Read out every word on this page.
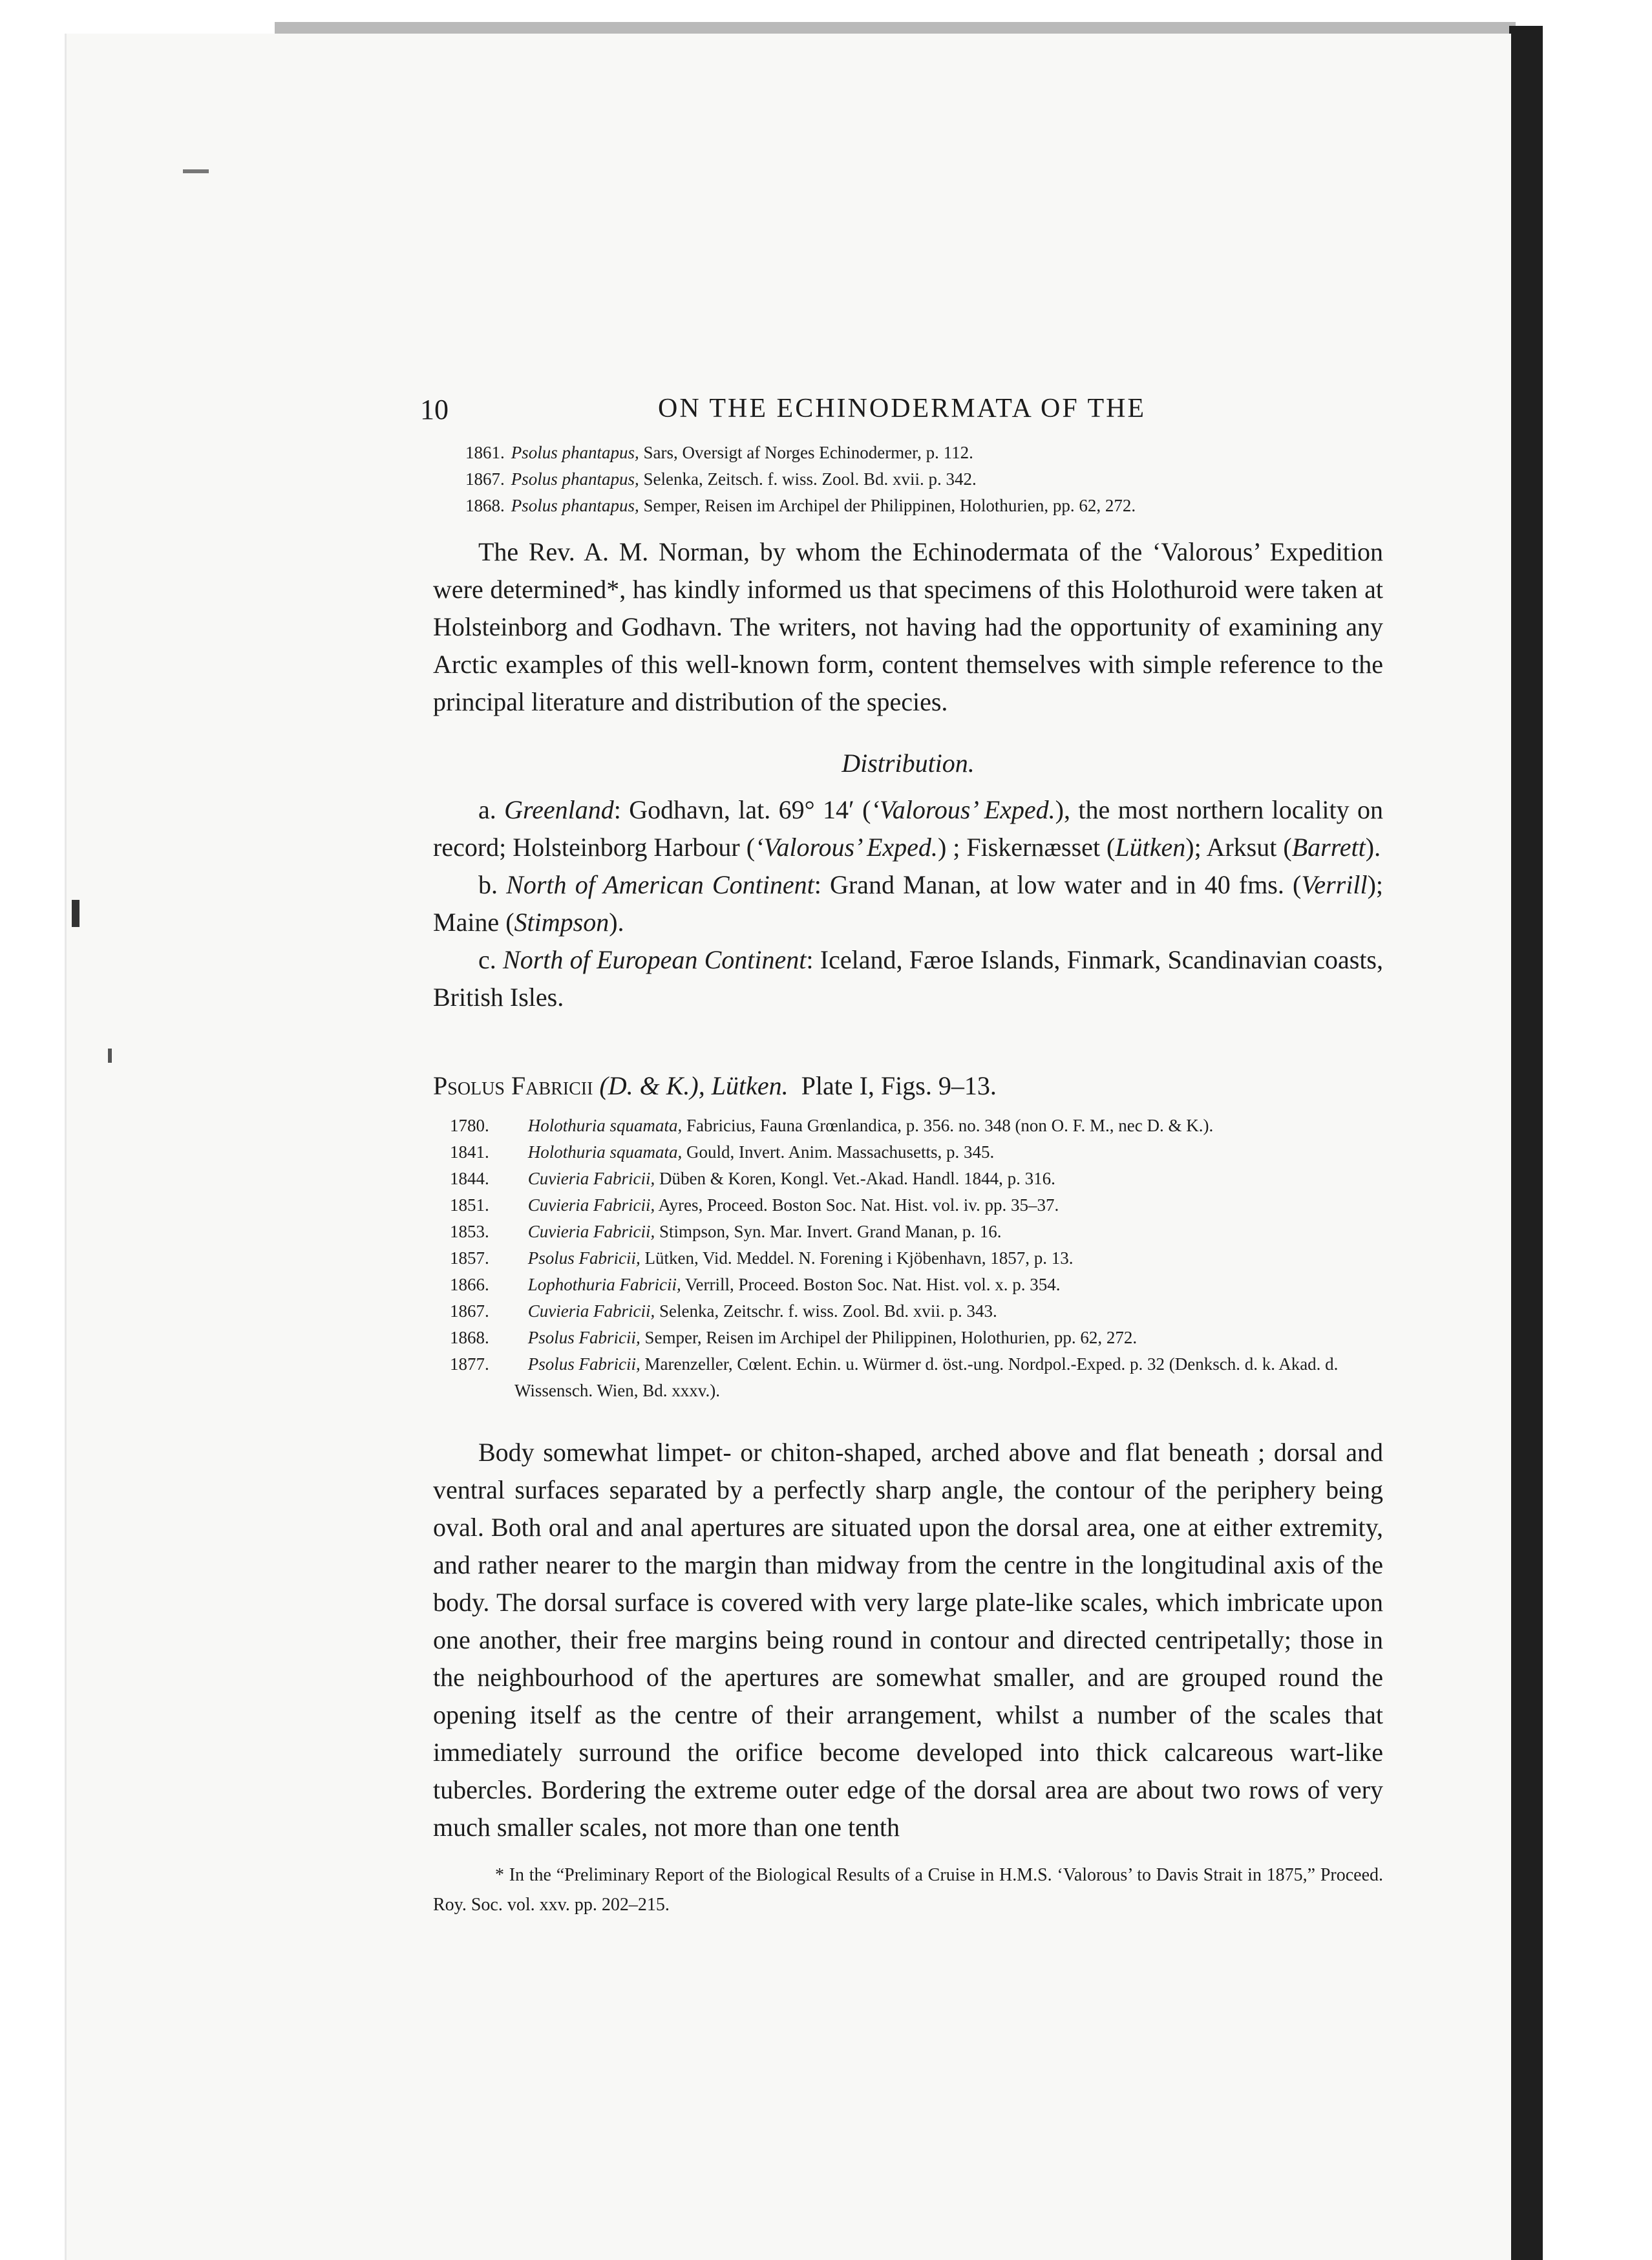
10	ON THE ECHINODERMATA OF THE
1861. Psolus phantapus, Sars, Oversigt af Norges Echinodermer, p. 112.
1867. Psolus phantapus, Selenka, Zeitsch. f. wiss. Zool. Bd. xvii. p. 342.
1868. Psolus phantapus, Semper, Reisen im Archipel der Philippinen, Holothurien, pp. 62, 272.

The Rev. A. M. Norman, by whom the Echinodermata of the ‘Valorous’ Expedition were determined*, has kindly informed us that specimens of this Holothuroid were taken at Holsteinborg and Godhavn. The writers, not having had the opportunity of examining any Arctic examples of this well-known form, content themselves with simple reference to the principal literature and distribution of the species.

Distribution.

a. Greenland: Godhavn, lat. 69° 14′ (‘Valorous’ Exped.), the most northern locality on record; Holsteinborg Harbour (‘Valorous’ Exped.) ; Fiskernæsset (Lütken); Arksut (Barrett).

b. North of American Continent: Grand Manan, at low water and in 40 fms. (Verrill); Maine (Stimpson).

c. North of European Continent: Iceland, Færoe Islands, Finmark, Scandinavian coasts, British Isles.

Psolus Fabricii (D. & K.), Lütken. Plate I, Figs. 9–13.
1780. Holothuria squamata, Fabricius, Fauna Grœnlandica, p. 356. no. 348 (non O. F. M., nec D. & K.).
1841. Holothuria squamata, Gould, Invert. Anim. Massachusetts, p. 345.
1844. Cuvieria Fabricii, Düben & Koren, Kongl. Vet.-Akad. Handl. 1844, p. 316.
1851. Cuvieria Fabricii, Ayres, Proceed. Boston Soc. Nat. Hist. vol. iv. pp. 35–37.
1853. Cuvieria Fabricii, Stimpson, Syn. Mar. Invert. Grand Manan, p. 16.
1857. Psolus Fabricii, Lütken, Vid. Meddel. N. Forening i Kjöbenhavn, 1857, p. 13.
1866. Lophothuria Fabricii, Verrill, Proceed. Boston Soc. Nat. Hist. vol. x. p. 354.
1867. Cuvieria Fabricii, Selenka, Zeitschr. f. wiss. Zool. Bd. xvii. p. 343.
1868. Psolus Fabricii, Semper, Reisen im Archipel der Philippinen, Holothurien, pp. 62, 272.
1877. Psolus Fabricii, Marenzeller, Cœlent. Echin. u. Würmer d. öst.-ung. Nordpol.-Exped. p. 32 (Denksch. d. k. Akad. d. Wissensch. Wien, Bd. xxxv.).

Body somewhat limpet- or chiton-shaped, arched above and flat beneath ; dorsal and ventral surfaces separated by a perfectly sharp angle, the contour of the periphery being oval. Both oral and anal apertures are situated upon the dorsal area, one at either extremity, and rather nearer to the margin than midway from the centre in the longitudinal axis of the body. The dorsal surface is covered with very large plate-like scales, which imbricate upon one another, their free margins being round in contour and directed centripetally; those in the neighbourhood of the apertures are somewhat smaller, and are grouped round the opening itself as the centre of their arrangement, whilst a number of the scales that immediately surround the orifice become developed into thick calcareous wart-like tubercles. Bordering the extreme outer edge of the dorsal area are about two rows of very much smaller scales, not more than one tenth

* In the “Preliminary Report of the Biological Results of a Cruise in H.M.S. ‘Valorous’ to Davis Strait in 1875,” Proceed. Roy. Soc. vol. xxv. pp. 202–215.
